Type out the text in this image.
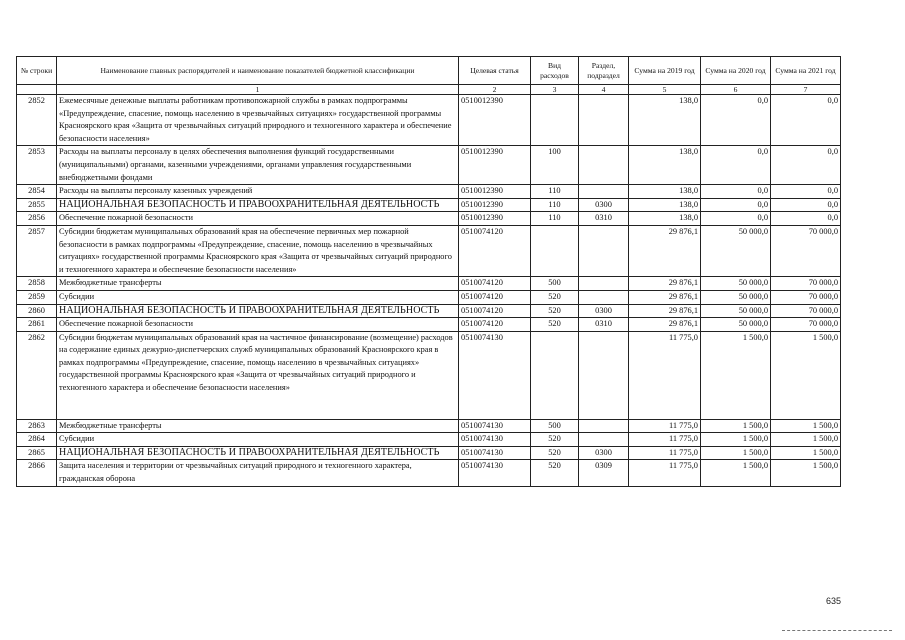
№ строки	Наименование главных распорядителей и наименование показателей бюджетной классификации	Целевая статья	Вид расходов	Раздел, подраздел	Сумма на 2019 год	Сумма на 2020 год	Сумма на 2021 год
	1	2	3	4	5	6	7
2852	Ежемесячные денежные выплаты работникам противопожарной службы в рамках подпрограммы «Предупреждение, спасение, помощь населению в чрезвычайных ситуациях» государственной программы Красноярского края «Защита от чрезвычайных ситуаций природного и техногенного характера и обеспечение безопасности населения»	0510012390			138,0	0,0	0,0
2853	Расходы на выплаты персоналу в целях обеспечения выполнения функций государственными (муниципальными) органами, казенными учреждениями, органами управления государственными внебюджетными фондами	0510012390	100		138,0	0,0	0,0
2854	Расходы на выплаты персоналу казенных учреждений	0510012390	110		138,0	0,0	0,0
2855	НАЦИОНАЛЬНАЯ БЕЗОПАСНОСТЬ И ПРАВООХРАНИТЕЛЬНАЯ ДЕЯТЕЛЬНОСТЬ	0510012390	110	0300	138,0	0,0	0,0
2856	Обеспечение пожарной безопасности	0510012390	110	0310	138,0	0,0	0,0
2857	Субсидии бюджетам муниципальных образований края на обеспечение первичных мер пожарной безопасности в рамках подпрограммы «Предупреждение, спасение, помощь населению в чрезвычайных ситуациях» государственной программы Красноярского края «Защита от чрезвычайных ситуаций природного и техногенного характера и обеспечение безопасности населения»	0510074120			29 876,1	50 000,0	70 000,0
2858	Межбюджетные трансферты	0510074120	500		29 876,1	50 000,0	70 000,0
2859	Субсидии	0510074120	520		29 876,1	50 000,0	70 000,0
2860	НАЦИОНАЛЬНАЯ БЕЗОПАСНОСТЬ И ПРАВООХРАНИТЕЛЬНАЯ ДЕЯТЕЛЬНОСТЬ	0510074120	520	0300	29 876,1	50 000,0	70 000,0
2861	Обеспечение пожарной безопасности	0510074120	520	0310	29 876,1	50 000,0	70 000,0
2862	Субсидии бюджетам муниципальных образований края на частичное финансирование (возмещение) расходов на содержание единых дежурно-диспетчерских служб муниципальных образований Красноярского края в рамках подпрограммы «Предупреждение, спасение, помощь населению в чрезвычайных ситуациях» государственной программы Красноярского края «Защита от чрезвычайных ситуаций природного и техногенного характера и обеспечение безопасности населения»	0510074130			11 775,0	1 500,0	1 500,0
2863	Межбюджетные трансферты	0510074130	500		11 775,0	1 500,0	1 500,0
2864	Субсидии	0510074130	520		11 775,0	1 500,0	1 500,0
2865	НАЦИОНАЛЬНАЯ БЕЗОПАСНОСТЬ И ПРАВООХРАНИТЕЛЬНАЯ ДЕЯТЕЛЬНОСТЬ	0510074130	520	0300	11 775,0	1 500,0	1 500,0
2866	Защита населения и территории от чрезвычайных ситуаций природного и техногенного характера, гражданская оборона	0510074130	520	0309	11 775,0	1 500,0	1 500,0
635
